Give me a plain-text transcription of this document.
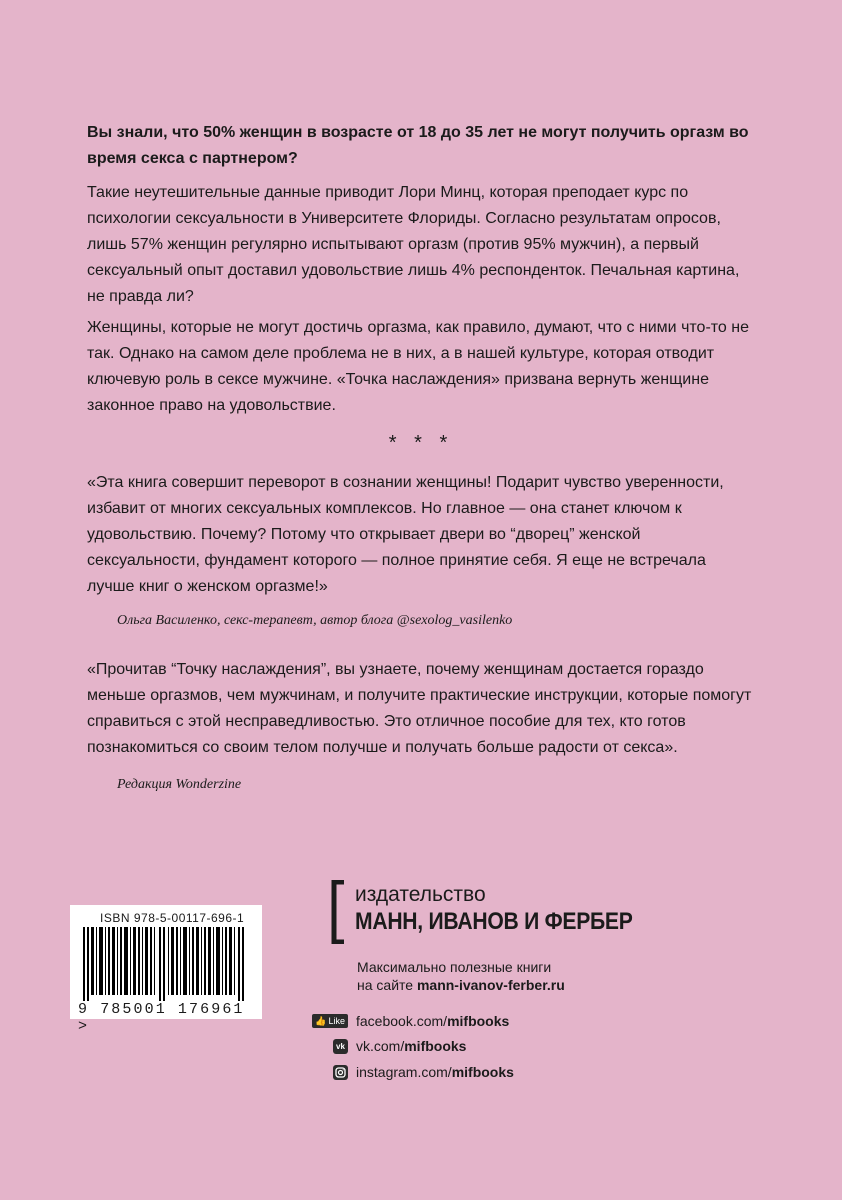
Вы знали, что 50% женщин в возрасте от 18 до 35 лет не могут получить оргазм во время секса с партнером?

Такие неутешительные данные приводит Лори Минц, которая преподает курс по психологии сексуальности в Университете Флориды. Согласно результатам опросов, лишь 57% женщин регулярно испытывают оргазм (против 95% мужчин), а первый сексуальный опыт доставил удовольствие лишь 4% респонденток. Печальная картина, не правда ли?

Женщины, которые не могут достичь оргазма, как правило, думают, что с ними что-то не так. Однако на самом деле проблема не в них, а в нашей культуре, которая отводит ключевую роль в сексе мужчине. «Точка наслаждения» призвана вернуть женщине законное право на удовольствие.

* * *

«Эта книга совершит переворот в сознании женщины! Подарит чувство уверенности, избавит от многих сексуальных комплексов. Но главное — она станет ключом к удовольствию. Почему? Потому что открывает двери во “дворец” женской сексуальности, фундамент которого — полное принятие себя. Я еще не встречала лучше книг о женском оргазме!»

Ольга Василенко, секс-терапевт, автор блога @sexolog_vasilenko

«Прочитав “Точку наслаждения”, вы узнаете, почему женщинам достается гораздо меньше оргазмов, чем мужчинам, и получите практические инструкции, которые помогут справиться с этой несправедливостью. Это отличное пособие для тех, кто готов познакомиться со своим телом получше и получать больше радости от секса».

Редакция Wonderzine
ISBN 978-5-00117-696-1
9 785001 176961 >
издательство
МАНН, ИВАНОВ И ФЕРБЕР
Максимально полезные книги
на сайте mann-ivanov-ferber.ru
👍 Like facebook.com/ mifbooks
vk vk.com/ mifbooks
instagram.com/ mifbooks
